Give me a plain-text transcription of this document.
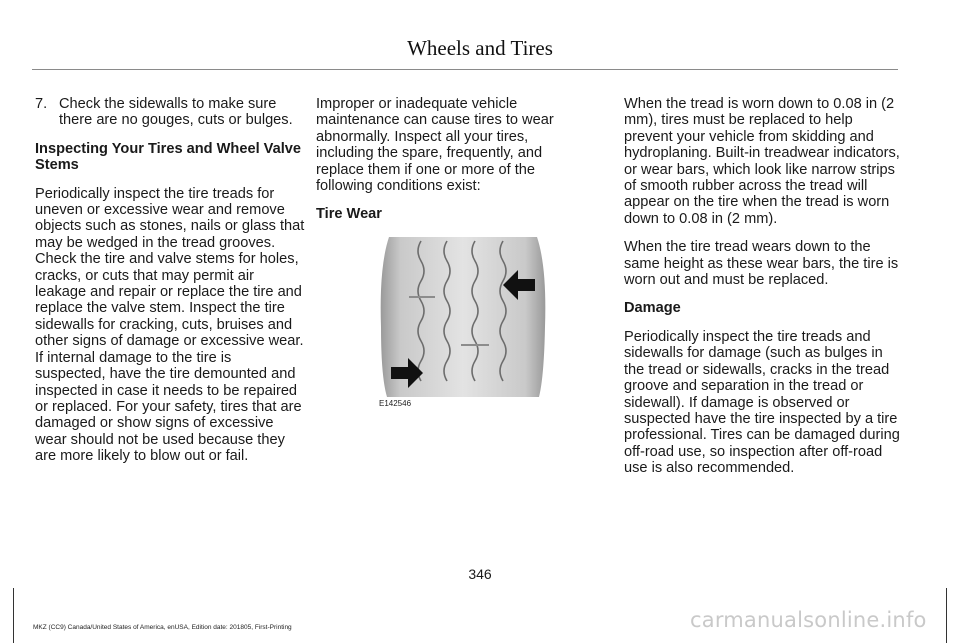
Wheels and Tires
7. Check the sidewalls to make sure there are no gouges, cuts or bulges.

Inspecting Your Tires and Wheel Valve Stems

Periodically inspect the tire treads for uneven or excessive wear and remove objects such as stones, nails or glass that may be wedged in the tread grooves. Check the tire and valve stems for holes, cracks, or cuts that may permit air leakage and repair or replace the tire and replace the valve stem. Inspect the tire sidewalls for cracking, cuts, bruises and other signs of damage or excessive wear. If internal damage to the tire is suspected, have the tire demounted and inspected in case it needs to be repaired or replaced. For your safety, tires that are damaged or show signs of excessive wear should not be used because they are more likely to blow out or fail.

Improper or inadequate vehicle maintenance can cause tires to wear abnormally. Inspect all your tires, including the spare, frequently, and replace them if one or more of the following conditions exist:

Tire Wear

E142546

When the tread is worn down to 0.08 in (2 mm), tires must be replaced to help prevent your vehicle from skidding and hydroplaning. Built-in treadwear indicators, or wear bars, which look like narrow strips of smooth rubber across the tread will appear on the tire when the tread is worn down to 0.08 in (2 mm).

When the tire tread wears down to the same height as these wear bars, the tire is worn out and must be replaced.

Damage

Periodically inspect the tire treads and sidewalls for damage (such as bulges in the tread or sidewalls, cracks in the tread groove and separation in the tread or sidewall). If damage is observed or suspected have the tire inspected by a tire professional. Tires can be damaged during off-road use, so inspection after off-road use is also recommended.

346
MKZ (CC9) Canada/United States of America, enUSA, Edition date: 201805, First-Printing	carmanualsonline.info
